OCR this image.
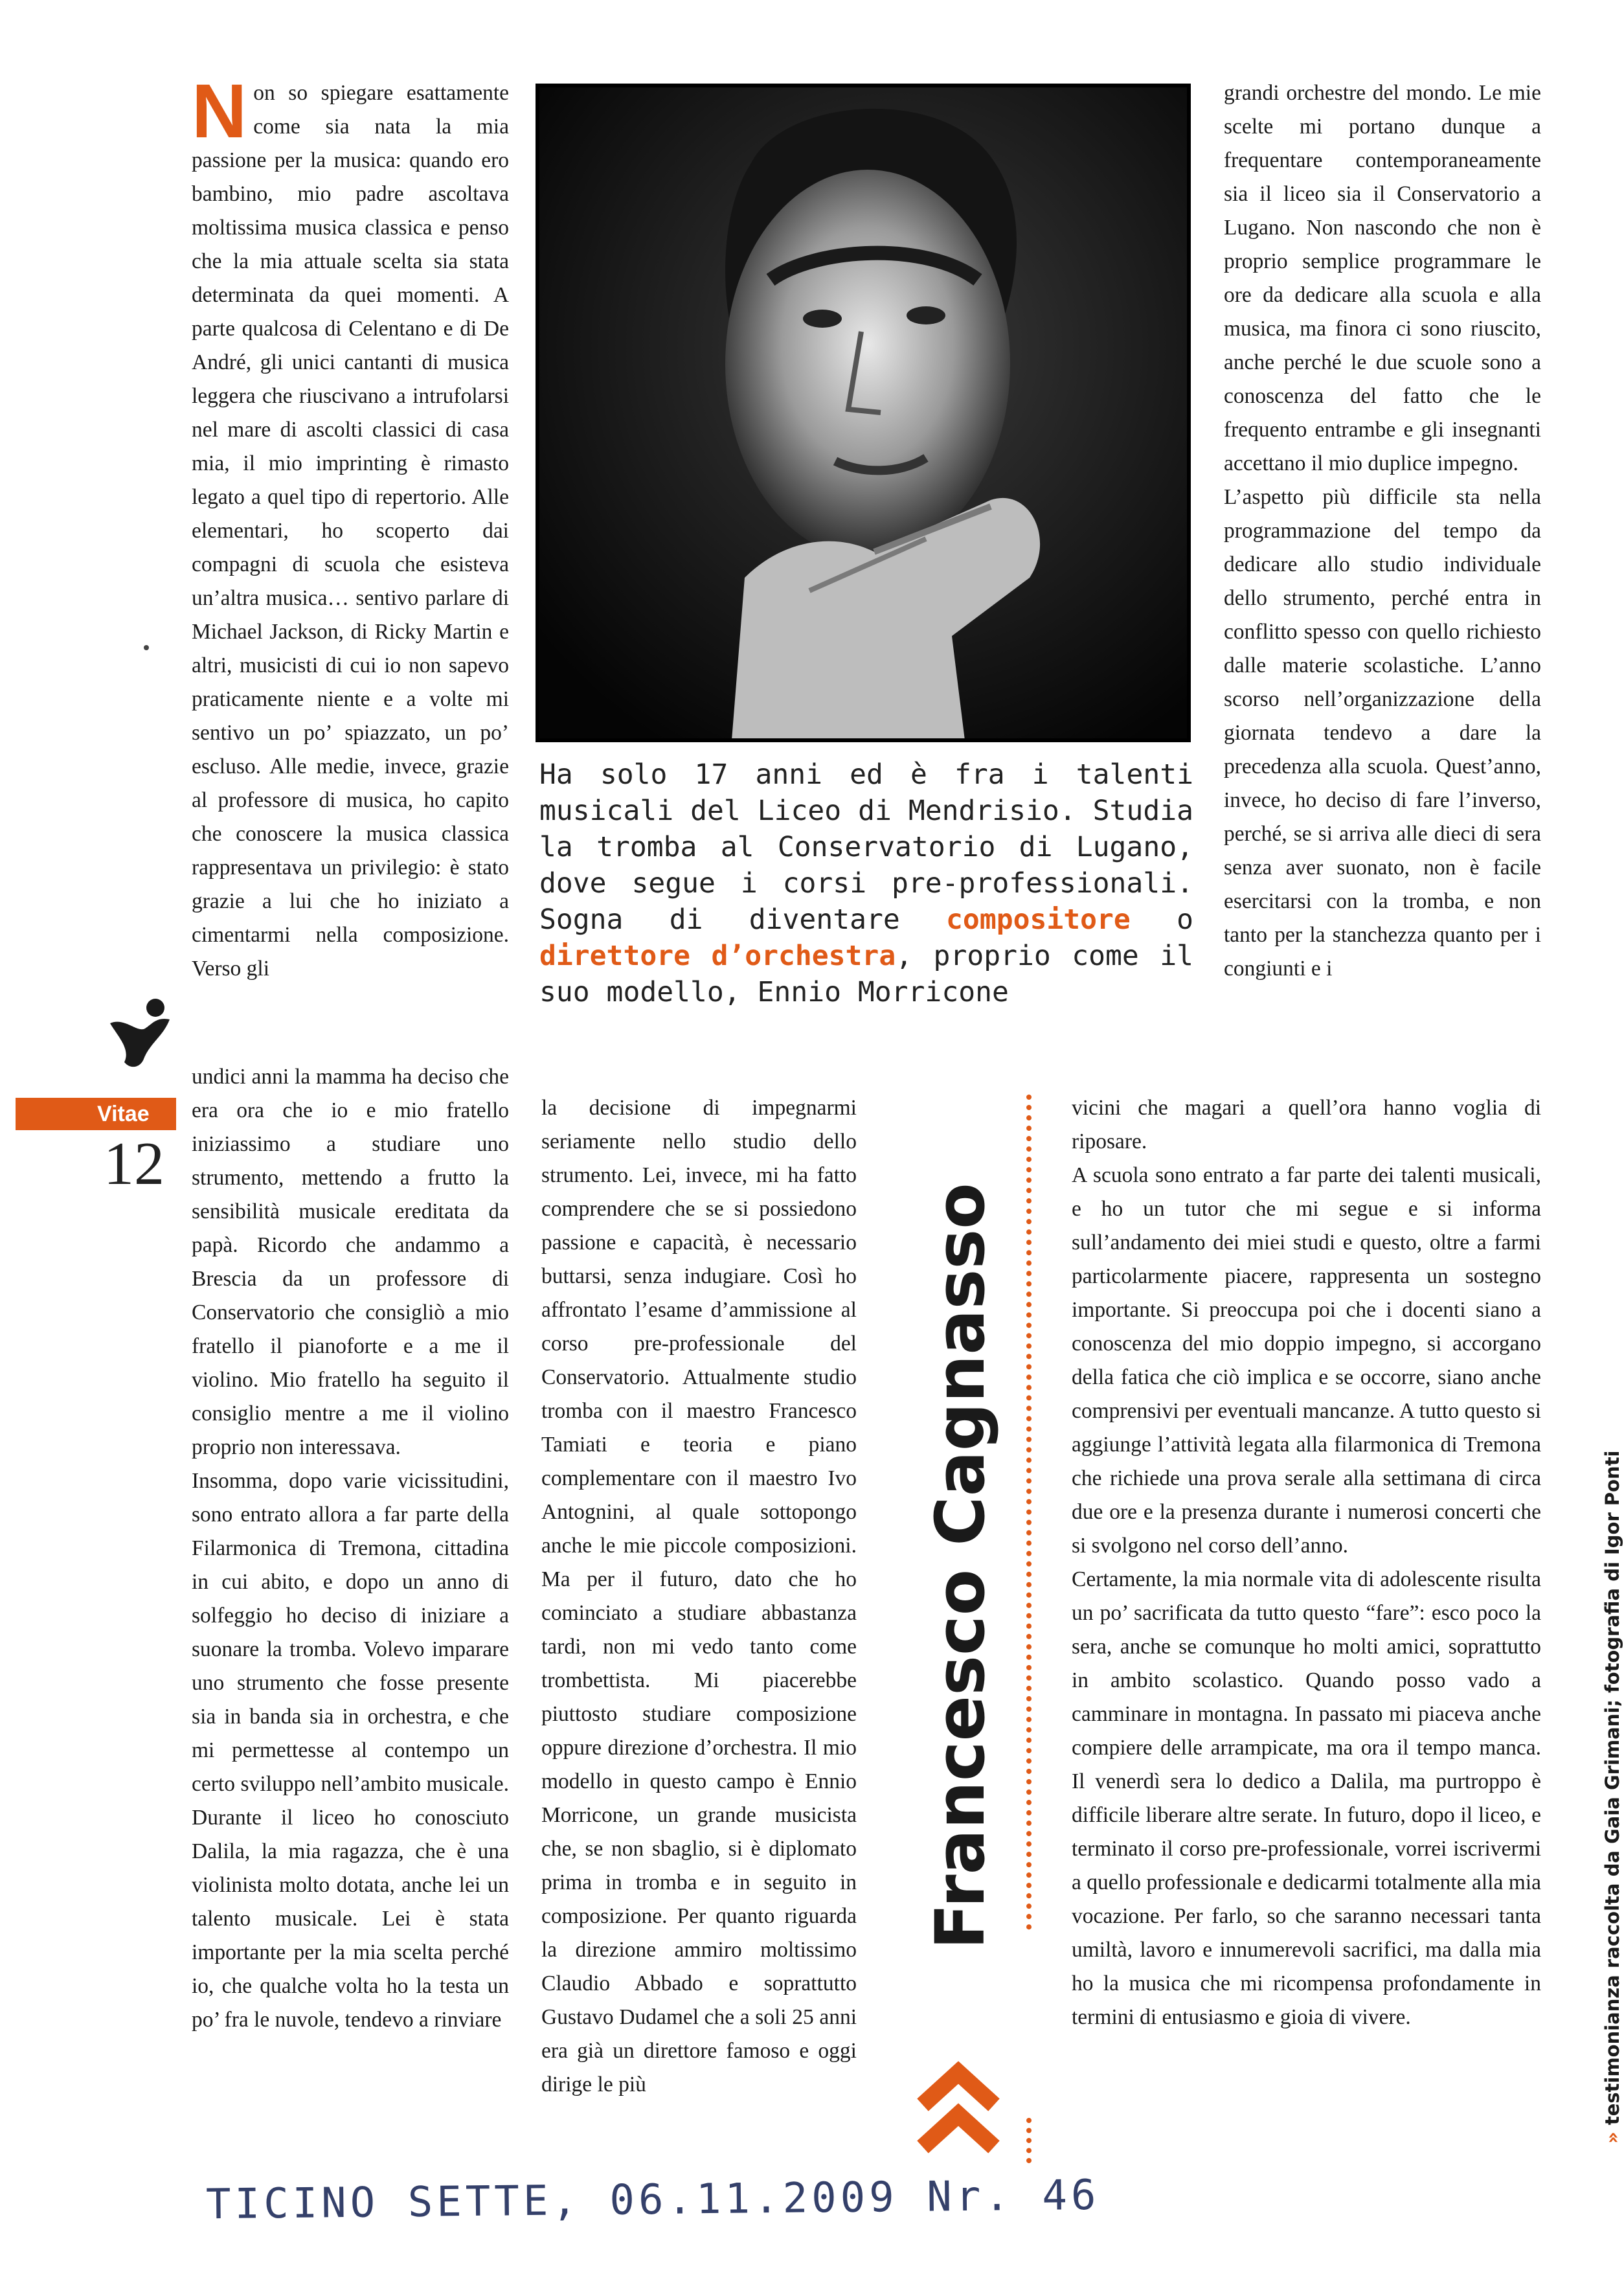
Non so spiegare esattamente come sia nata la mia passione per la musica: quando ero bambino, mio padre ascoltava moltissima musica classica e penso che la mia attuale scelta sia stata determinata da quei momenti. A parte qualcosa di Celentano e di De André, gli unici cantanti di musica leggera che riuscivano a intrufolarsi nel mare di ascolti classici di casa mia, il mio imprinting è rimasto legato a quel tipo di repertorio. Alle elementari, ho scoperto dai compagni di scuola che esisteva un’altra musica… sentivo parlare di Michael Jackson, di Ricky Martin e altri, musicisti di cui io non sapevo praticamente niente e a volte mi sentivo un po’ spiazzato, un po’ escluso. Alle medie, invece, grazie al professore di musica, ho capito che conoscere la musica classica rappresentava un privilegio: è stato grazie a lui che ho iniziato a cimentarmi nella composizione. Verso gli

undici anni la mamma ha deciso che era ora che io e mio fratello iniziassimo a studiare uno strumento, mettendo a frutto la sensibilità musicale ereditata da papà. Ricordo che andammo a Brescia da un professore di Conservatorio che consigliò a mio fratello il pianoforte e a me il violino. Mio fratello ha seguito il consiglio mentre a me il violino proprio non interessava.

Insomma, dopo varie vicissitudini, sono entrato allora a far parte della Filarmonica di Tremona, cittadina in cui abito, e dopo un anno di solfeggio ho deciso di iniziare a suonare la tromba. Volevo imparare uno strumento che fosse presente sia in banda sia in orchestra, e che mi permettesse al contempo un certo sviluppo nell’ambito musicale. Durante il liceo ho conosciuto Dalila, la mia ragazza, che è una violinista molto dotata, anche lei un talento musicale. Lei è stata importante per la mia scelta perché io, che qualche volta ho la testa un po’ fra le nuvole, tendevo a rinviare

Ha solo 17 anni ed è fra i talenti musicali del Liceo di Mendrisio. Studia la tromba al Conservatorio di Lugano, dove segue i corsi pre-professionali. Sogna di diventare compositore o direttore d’orchestra, proprio come il suo modello, Ennio Morricone
Vitae
12

la decisione di impegnarmi seriamente nello studio dello strumento. Lei, invece, mi ha fatto comprendere che se si possiedono passione e capacità, è necessario buttarsi, senza indugiare. Così ho affrontato l’esame d’ammissione al corso pre-professionale del Conservatorio. Attualmente studio tromba con il maestro Francesco Tamiati e teoria e piano complementare con il maestro Ivo Antognini, al quale sottopongo anche le mie piccole composizioni. Ma per il futuro, dato che ho cominciato a studiare abbastanza tardi, non mi vedo tanto come trombettista. Mi piacerebbe piuttosto studiare composizione oppure direzione d’orchestra. Il mio modello in questo campo è Ennio Morricone, un grande musicista che, se non sbaglio, si è diplomato prima in tromba e in seguito in composizione. Per quanto riguarda la direzione ammiro moltissimo Claudio Abbado e soprattutto Gustavo Dudamel che a soli 25 anni era già un direttore famoso e oggi dirige le più

Francesco Cagnasso

grandi orchestre del mondo. Le mie scelte mi portano dunque a frequentare contemporaneamente sia il liceo sia il Conservatorio a Lugano. Non nascondo che non è proprio semplice programmare le ore da dedicare alla scuola e alla musica, ma finora ci sono riuscito, anche perché le due scuole sono a conoscenza del fatto che le frequento entrambe e gli insegnanti accettano il mio duplice impegno.

L’aspetto più difficile sta nella programmazione del tempo da dedicare allo studio individuale dello strumento, perché entra in conflitto spesso con quello richiesto dalle materie scolastiche. L’anno scorso nell’organizzazione della giornata tendevo a dare la precedenza alla scuola. Quest’anno, invece, ho deciso di fare l’inverso, perché, se si arriva alle dieci di sera senza aver suonato, non è facile esercitarsi con la tromba, e non tanto per la stanchezza quanto per i congiunti e i

vicini che magari a quell’ora hanno voglia di riposare.

A scuola sono entrato a far parte dei talenti musicali, e ho un tutor che mi segue e si informa sull’andamento dei miei studi e questo, oltre a farmi particolarmente piacere, rappresenta un sostegno importante. Si preoccupa poi che i docenti siano a conoscenza del mio doppio impegno, si accorgano della fatica che ciò implica e se occorre, siano anche comprensivi per eventuali mancanze. A tutto questo si aggiunge l’attività legata alla filarmonica di Tremona che richiede una prova serale alla settimana di circa due ore e la presenza durante i numerosi concerti che si svolgono nel corso dell’anno.

Certamente, la mia normale vita di adolescente risulta un po’ sacrificata da tutto questo “fare”: esco poco la sera, anche se comunque ho molti amici, soprattutto in ambito scolastico. Quando posso vado a camminare in montagna. In passato mi piaceva anche compiere delle arrampicate, ma ora il tempo manca. Il venerdì sera lo dedico a Dalila, ma purtroppo è difficile liberare altre serate. In futuro, dopo il liceo, e terminato il corso pre-professionale, vorrei iscrivermi a quello professionale e dedicarmi totalmente alla mia vocazione. Per farlo, so che saranno necessari tanta umiltà, lavoro e innumerevoli sacrifici, ma dalla mia ho la musica che mi ricompensa profondamente in termini di entusiasmo e gioia di vivere.

» testimonianza raccolta da Gaia Grimani; fotografia di Igor Ponti
TICINO SETTE, 06.11.2009 Nr. 46
